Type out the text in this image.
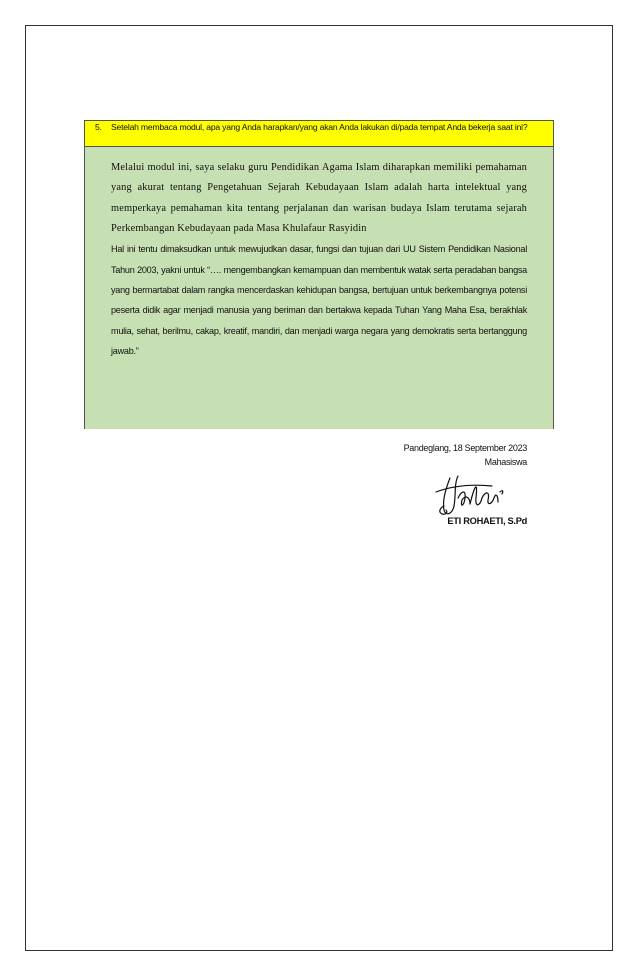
5. Setelah membaca modul, apa yang Anda harapkan/yang akan Anda lakukan di/pada tempat Anda bekerja saat ini?

Melalui modul ini, saya selaku guru Pendidikan Agama Islam diharapkan memiliki pemahaman yang akurat tentang Pengetahuan Sejarah Kebudayaan Islam adalah harta intelektual yang memperkaya pemahaman kita tentang perjalanan dan warisan budaya Islam terutama sejarah Perkembangan Kebudayaan pada Masa Khulafaur Rasyidin

Hal ini tentu dimaksudkan untuk mewujudkan dasar, fungsi dan tujuan dari UU Sistem Pendidikan Nasional Tahun 2003, yakni untuk “…. mengembangkan kemampuan dan membentuk watak serta peradaban bangsa yang bermartabat dalam rangka mencerdaskan kehidupan bangsa, bertujuan untuk berkembangnya potensi peserta didik agar menjadi manusia yang beriman dan bertakwa kepada Tuhan Yang Maha Esa, berakhlak mulia, sehat, berilmu, cakap, kreatif, mandiri, dan menjadi warga negara yang demokratis serta bertanggung jawab.”

Pandeglang, 18 September 2023
Mahasiswa
ETI ROHAETI, S.Pd
